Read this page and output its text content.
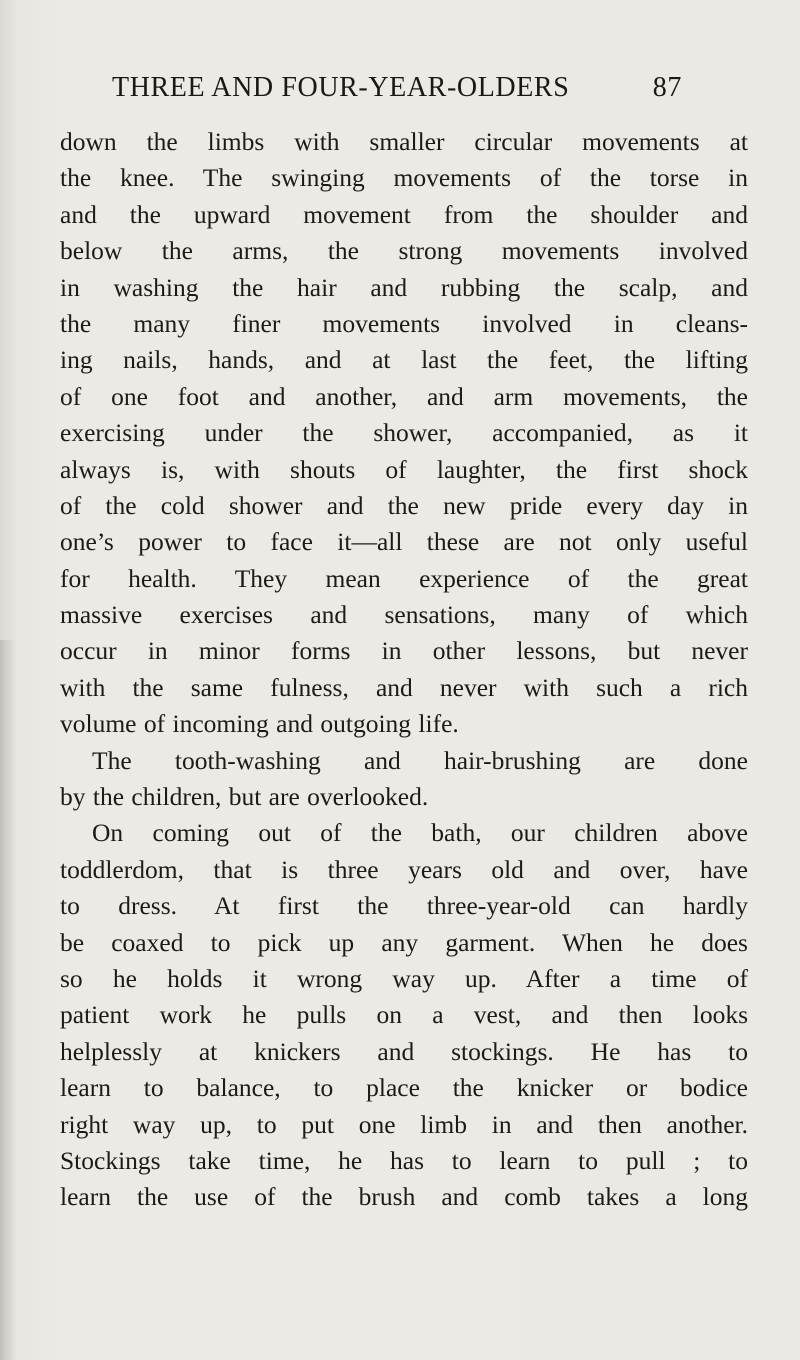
THREE AND FOUR-YEAR-OLDERS	87
down the limbs with smaller circular movements at
the knee. The swinging movements of the torse in
and the upward movement from the shoulder and
below the arms, the strong movements involved
in washing the hair and rubbing the scalp, and
the many finer movements involved in cleans-
ing nails, hands, and at last the feet, the lifting
of one foot and another, and arm movements, the
exercising under the shower, accompanied, as it
always is, with shouts of laughter, the first shock
of the cold shower and the new pride every day in
one’s power to face it—all these are not only useful
for health. They mean experience of the great
massive exercises and sensations, many of which
occur in minor forms in other lessons, but never
with the same fulness, and never with such a rich
volume of incoming and outgoing life.
The tooth-washing and hair-brushing are done
by the children, but are overlooked.
On coming out of the bath, our children above
toddlerdom, that is three years old and over, have
to dress. At first the three-year-old can hardly
be coaxed to pick up any garment. When he does
so he holds it wrong way up. After a time of
patient work he pulls on a vest, and then looks
helplessly at knickers and stockings. He has to
learn to balance, to place the knicker or bodice
right way up, to put one limb in and then another.
Stockings take time, he has to learn to pull ; to
learn the use of the brush and comb takes a long
